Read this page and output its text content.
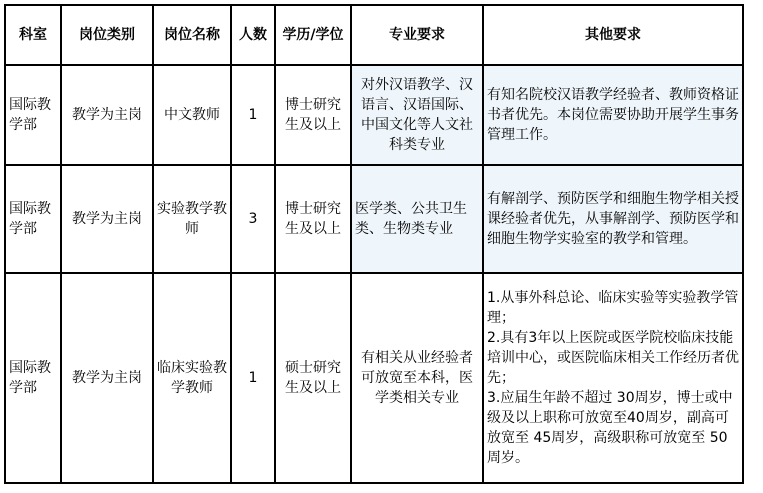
科室	岗位类别	岗位名称	人数	学历/学位	专业要求	其他要求
国际教学部	教学为主岗	中文教师	1	博士研究生及以上	对外汉语教学、汉语言、汉语国际、中国文化等人文社科类专业	有知名院校汉语教学经验者、教师资格证书者优先。本岗位需要协助开展学生事务管理工作。
国际教学部	教学为主岗	实验教学教师	3	博士研究生及以上	医学类、公共卫生类、生物类专业	有解剖学、预防医学和细胞生物学相关授课经验者优先，从事解剖学、预防医学和细胞生物学实验室的教学和管理。
国际教学部	教学为主岗	临床实验教学教师	1	硕士研究生及以上	有相关从业经验者可放宽至本科，医学类相关专业	1.从事外科总论、临床实验等实验教学管理；
2.具有3年以上医院或医学院校临床技能培训中心，或医院临床相关工作经历者优先；
3.应届生年龄不超过 30周岁，博士或中级及以上职称可放宽至40周岁，副高可放宽至 45周岁，高级职称可放宽至 50周岁。
